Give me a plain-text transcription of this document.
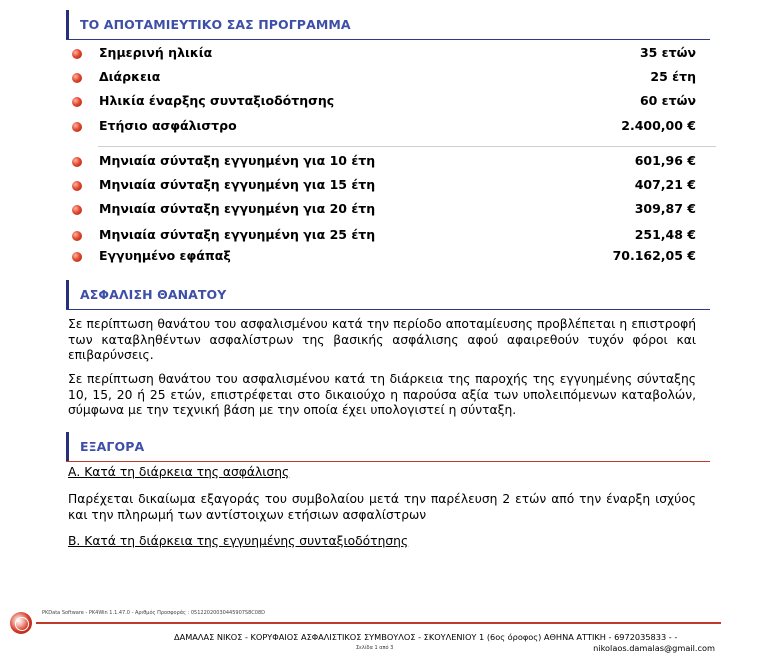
ΤΟ ΑΠΟΤΑΜΙΕΥΤΙΚΟ ΣΑΣ ΠΡΟΓΡΑΜΜΑ
Σημερινή ηλικία	35 ετών
Διάρκεια	25 έτη
Ηλικία έναρξης συνταξιοδότησης	60 ετών
Ετήσιο ασφάλιστρο	2.400,00 €
Μηνιαία σύνταξη εγγυημένη για 10 έτη	601,96 €
Μηνιαία σύνταξη εγγυημένη για 15 έτη	407,21 €
Μηνιαία σύνταξη εγγυημένη για 20 έτη	309,87 €
Μηνιαία σύνταξη εγγυημένη για 25 έτη	251,48 €
Εγγυημένο εφάπαξ	70.162,05 €
ΑΣΦΑΛΙΣΗ ΘΑΝΑΤΟΥ
Σε περίπτωση θανάτου του ασφαλισμένου κατά την περίοδο αποταμίευσης προβλέπεται η επιστροφή των καταβληθέντων ασφαλίστρων της βασικής ασφάλισης αφού αφαιρεθούν τυχόν φόροι και επιβαρύνσεις.
Σε περίπτωση θανάτου του ασφαλισμένου κατά τη διάρκεια της παροχής της εγγυημένης σύνταξης 10, 15, 20 ή 25 ετών, επιστρέφεται στο δικαιούχο η παρούσα αξία των υπολειπόμενων καταβολών, σύμφωνα με την τεχνική βάση με την οποία έχει υπολογιστεί η σύνταξη.
ΕΞΑΓΟΡΑ
Α. Κατά τη διάρκεια της ασφάλισης
Παρέχεται δικαίωμα εξαγοράς του συμβολαίου μετά την παρέλευση 2 ετών από την έναρξη ισχύος και την πληρωμή των αντίστοιχων ετήσιων ασφαλίστρων
Β. Κατά τη διάρκεια της εγγυημένης συνταξιοδότησης
PKData Software - PK4Win 1.1.47.0 - Αριθμός Προσφοράς : 05122020030445907S8C08D
ΔΑΜΑΛΑΣ ΝΙΚΟΣ - ΚΟΡΥΦΑΙΟΣ ΑΣΦΑΛΙΣΤΙΚΟΣ ΣΥΜΒΟΥΛΟΣ - ΣΚΟΥΛΕΝΙΟΥ 1 (6ος όροφος) ΑΘΗΝΑ ΑΤΤΙΚΗ - 6972035833 - -
Σελίδα 1 από 3	nikolaos.damalas@gmail.com
